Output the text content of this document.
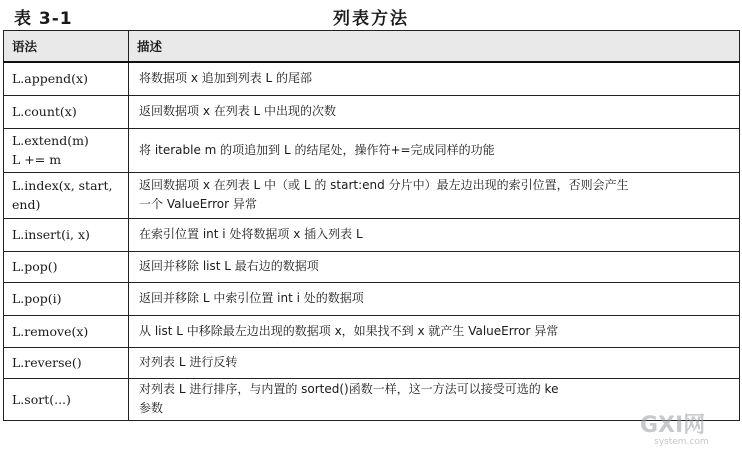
表 3-1	列表方法
语法	描述

L.append(x)	将数据项 x 追加到列表 L 的尾部

L.count(x)	返回数据项 x 在列表 L 中出现的次数

L.extend(m)
L += m	将 iterable m 的项追加到 L 的结尾处，操作符+=完成同样的功能

L.index(x, start,
end)	返回数据项 x 在列表 L 中（或 L 的 start:end 分片中）最左边出现的索引位置，否则会产生
一个 ValueError 异常

L.insert(i, x)	在索引位置 int i 处将数据项 x 插入列表 L

L.pop()	返回并移除 list L 最右边的数据项

L.pop(i)	返回并移除 L 中索引位置 int i 处的数据项

L.remove(x)	从 list L 中移除最左边出现的数据项 x，如果找不到 x 就产生 ValueError 异常

L.reverse()	对列表 L 进行反转

L.sort(...)	对列表 L 进行排序，与内置的 sorted()函数一样，这一方法可以接受可选的 ke
参数
GXI网
system.com
